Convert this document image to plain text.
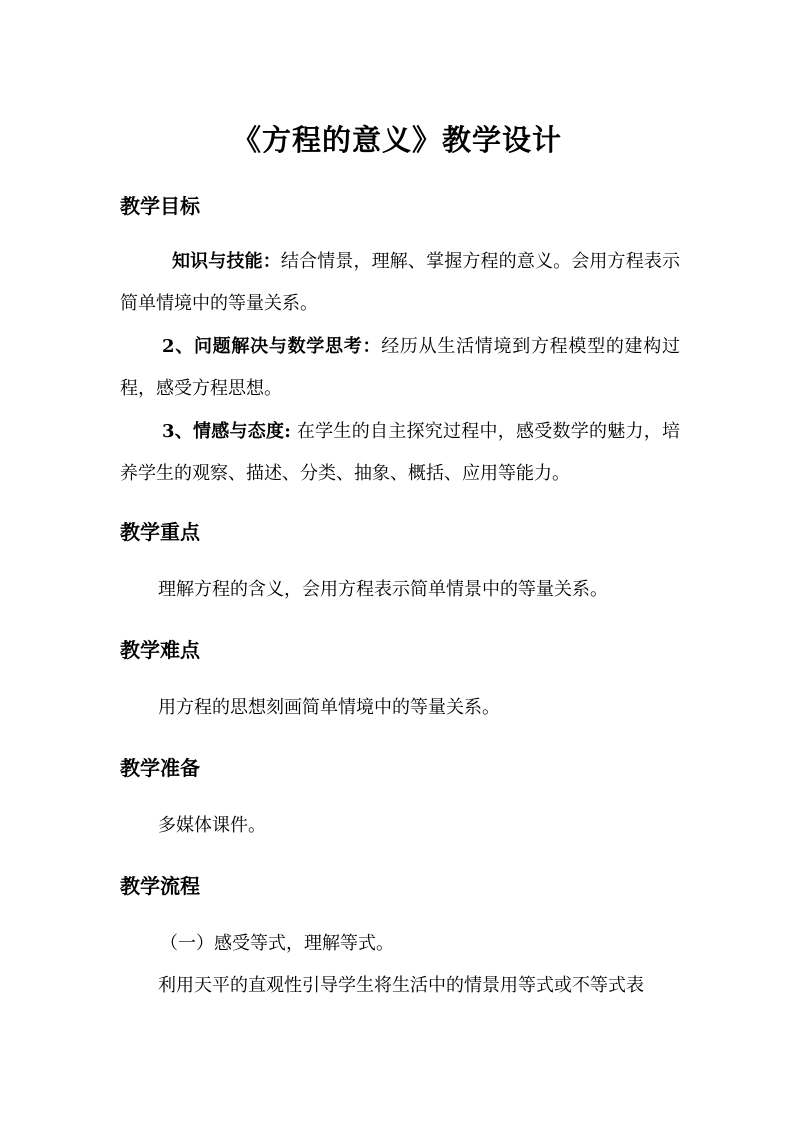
《方程的意义》教学设计
教学目标
知识与技能：结合情景，理解、掌握方程的意义。会用方程表示简单情境中的等量关系。
2、问题解决与数学思考：经历从生活情境到方程模型的建构过程，感受方程思想。
3、情感与态度: 在学生的自主探究过程中，感受数学的魅力，培养学生的观察、描述、分类、抽象、概括、应用等能力。
教学重点
理解方程的含义，会用方程表示简单情景中的等量关系。
教学难点
用方程的思想刻画简单情境中的等量关系。
教学准备
多媒体课件。
教学流程
（一）感受等式，理解等式。
利用天平的直观性引导学生将生活中的情景用等式或不等式表
